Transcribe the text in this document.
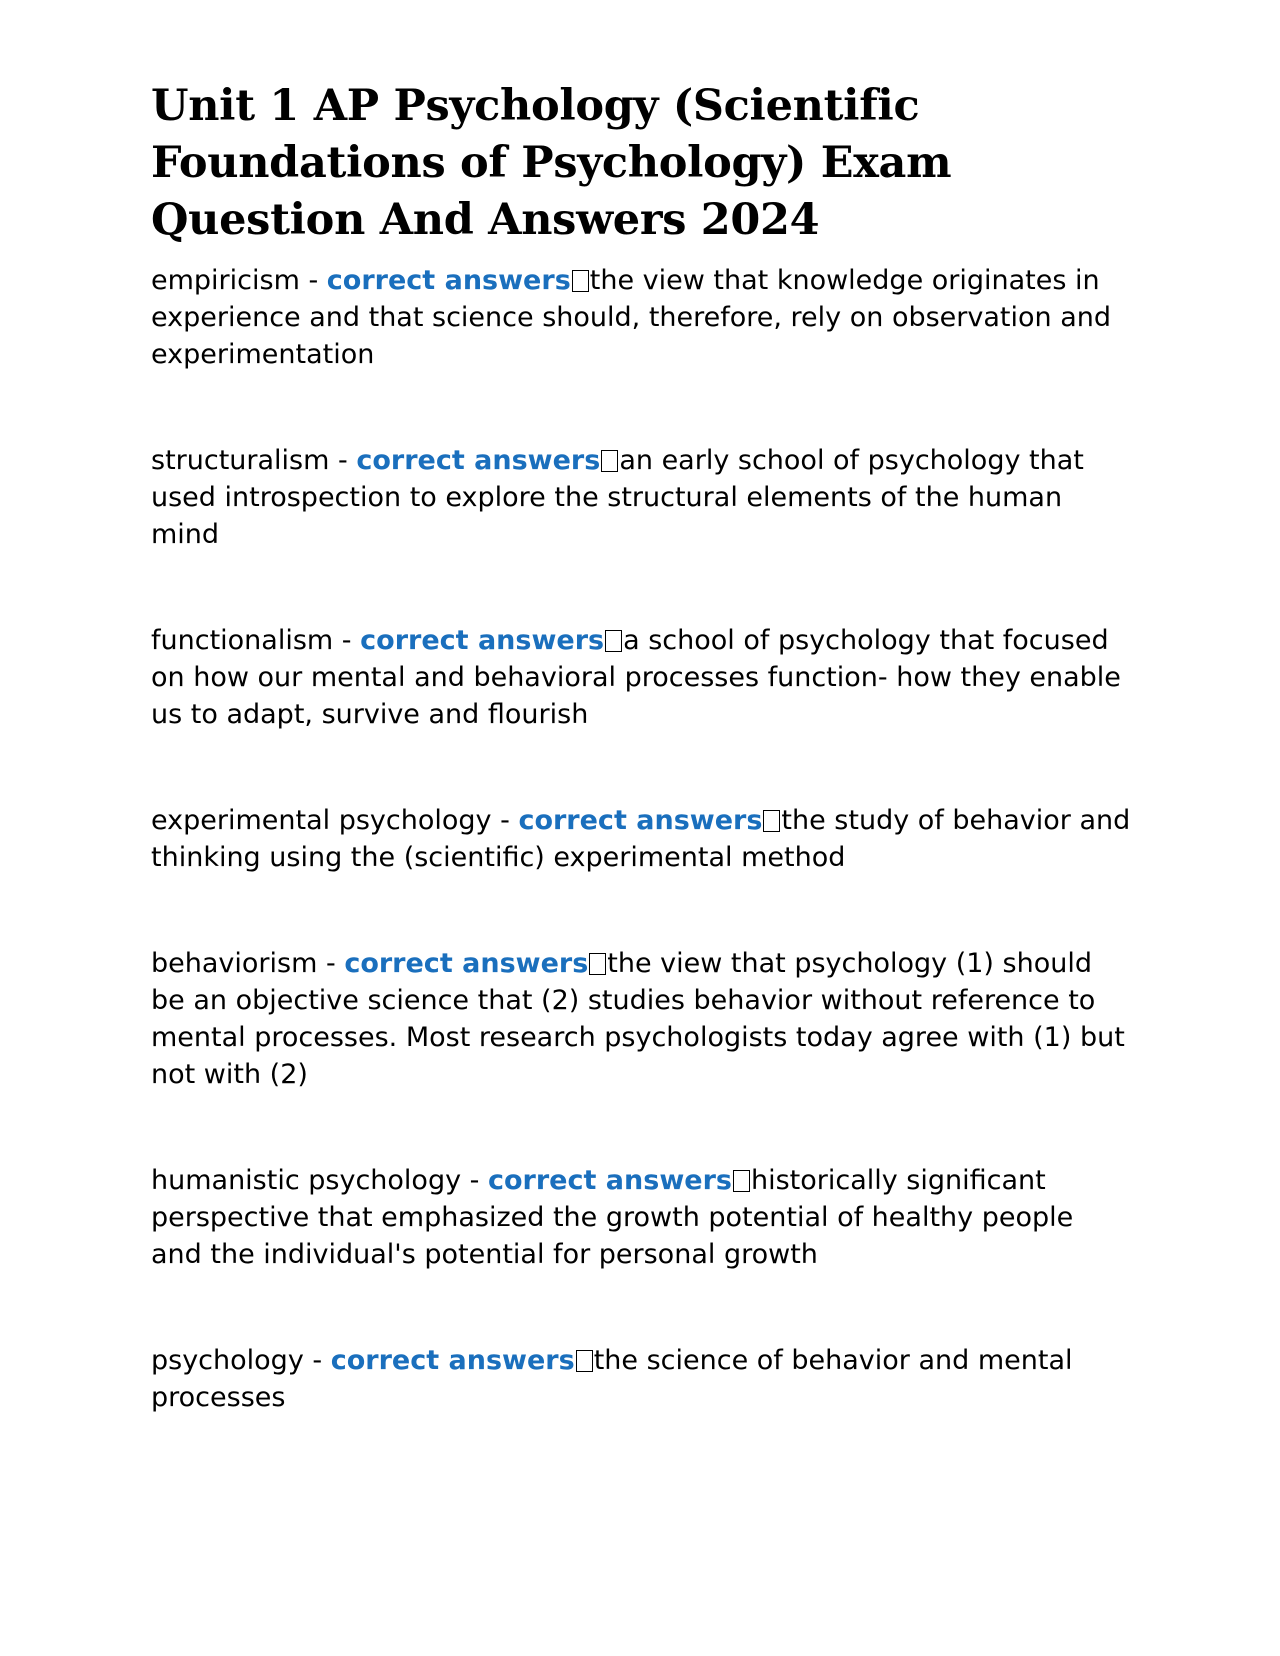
Unit 1 AP Psychology (Scientific Foundations of Psychology) Exam Question And Answers 2024
empiricism - correct answers the view that knowledge originates in experience and that science should, therefore, rely on observation and experimentation
structuralism - correct answers an early school of psychology that used introspection to explore the structural elements of the human mind
functionalism - correct answers a school of psychology that focused on how our mental and behavioral processes function- how they enable us to adapt, survive and flourish
experimental psychology - correct answers the study of behavior and thinking using the (scientific) experimental method
behaviorism - correct answers the view that psychology (1) should be an objective science that (2) studies behavior without reference to mental processes. Most research psychologists today agree with (1) but not with (2)
humanistic psychology - correct answers historically significant perspective that emphasized the growth potential of healthy people and the individual's potential for personal growth
psychology - correct answers the science of behavior and mental processes
